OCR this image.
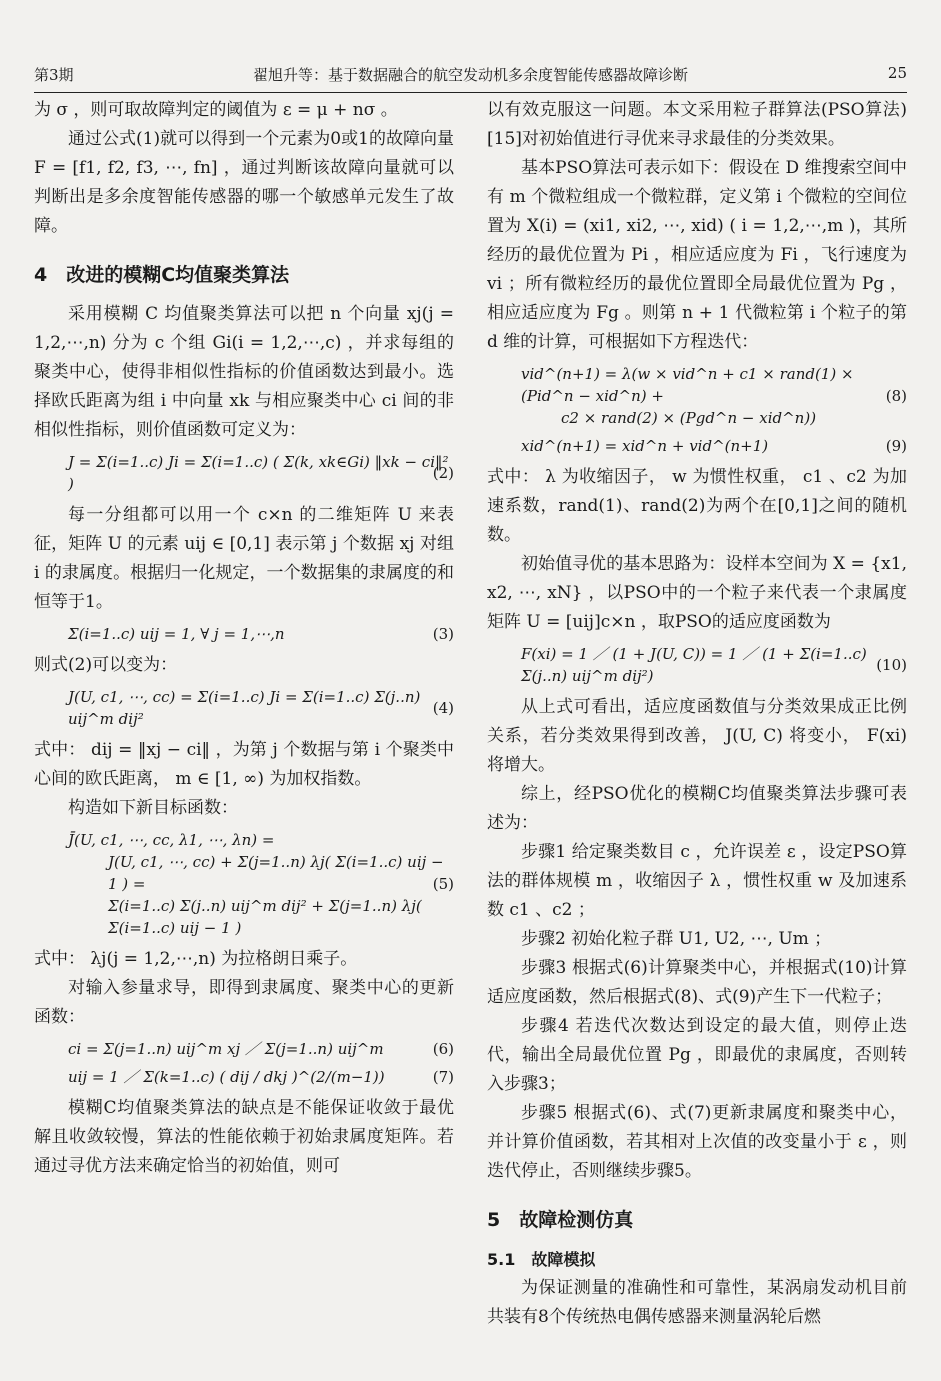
第3期	翟旭升等：基于数据融合的航空发动机多余度智能传感器故障诊断	25

为 σ ，则可取故障判定的阈值为 ε = μ + nσ 。

通过公式(1)就可以得到一个元素为0或1的故障向量 F = [f1, f2, f3, ⋯, fn] ，通过判断该故障向量就可以判断出是多余度智能传感器的哪一个敏感单元发生了故障。

4　改进的模糊C均值聚类算法

采用模糊 C 均值聚类算法可以把 n 个向量 xj(j = 1,2,⋯,n) 分为 c 个组 Gi(i = 1,2,⋯,c) ，并求每组的聚类中心，使得非相似性指标的价值函数达到最小。选择欧氏距离为组 i 中向量 xk 与相应聚类中心 ci 间的非相似性指标，则价值函数可定义为：

J = Σ(i=1..c) Ji = Σ(i=1..c) ( Σ(k, xk∈Gi) ‖xk − ci‖² )
(2)

每一分组都可以用一个 c×n 的二维矩阵 U 来表征，矩阵 U 的元素 uij ∈ [0,1] 表示第 j 个数据 xj 对组 i 的隶属度。根据归一化规定，一个数据集的隶属度的和恒等于1。

Σ(i=1..c) uij = 1, ∀ j = 1,⋯,n	(3)

则式(2)可以变为：

J(U, c1, ⋯, cc) = Σ(i=1..c) Ji = Σ(i=1..c) Σ(j..n) uij^m dij²
(4)

式中： dij = ‖xj − ci‖ ，为第 j 个数据与第 i 个聚类中心间的欧氏距离， m ∈ [1, ∞) 为加权指数。

构造如下新目标函数：

J̄(U, c1, ⋯, cc, λ1, ⋯, λn) =
J(U, c1, ⋯, cc) + Σ(j=1..n) λj( Σ(i=1..c) uij − 1 ) =
Σ(i=1..c) Σ(j..n) uij^m dij² + Σ(j=1..n) λj( Σ(i=1..c) uij − 1 )
(5)

式中： λj(j = 1,2,⋯,n) 为拉格朗日乘子。

对输入参量求导，即得到隶属度、聚类中心的更新函数：

ci = Σ(j=1..n) uij^m xj ／ Σ(j=1..n) uij^m	(6)
uij = 1 ／ Σ(k=1..c) ( dij / dkj )^(2/(m−1))	(7)

模糊C均值聚类算法的缺点是不能保证收敛于最优解且收敛较慢，算法的性能依赖于初始隶属度矩阵。若通过寻优方法来确定恰当的初始值，则可

以有效克服这一问题。本文采用粒子群算法(PSO算法)[15]对初始值进行寻优来寻求最佳的分类效果。

基本PSO算法可表示如下：假设在 D 维搜索空间中有 m 个微粒组成一个微粒群，定义第 i 个微粒的空间位置为 X(i) = (xi1, xi2, ⋯, xid) ( i = 1,2,⋯,m )，其所经历的最优位置为 Pi ，相应适应度为 Fi ，飞行速度为 vi ；所有微粒经历的最优位置即全局最优位置为 Pg ，相应适应度为 Fg 。则第 n + 1 代微粒第 i 个粒子的第 d 维的计算，可根据如下方程迭代：

vid^(n+1) = λ(w × vid^n + c1 × rand(1) × (Pid^n − xid^n) +
c2 × rand(2) × (Pgd^n − xid^n))
(8)
xid^(n+1) = xid^n + vid^(n+1)	(9)

式中： λ 为收缩因子， w 为惯性权重， c1 、c2 为加速系数，rand(1)、rand(2)为两个在[0,1]之间的随机数。

初始值寻优的基本思路为：设样本空间为 X = {x1, x2, ⋯, xN} ，以PSO中的一个粒子来代表一个隶属度矩阵 U = [uij]c×n ，取PSO的适应度函数为

F(xi) = 1 ／ (1 + J(U, C)) = 1 ／ (1 + Σ(i=1..c) Σ(j..n) uij^m dij²)
(10)

从上式可看出，适应度函数值与分类效果成正比例关系，若分类效果得到改善， J(U, C) 将变小， F(xi) 将增大。

综上，经PSO优化的模糊C均值聚类算法步骤可表述为：

步骤1 给定聚类数目 c ，允许误差 ε ，设定PSO算法的群体规模 m ，收缩因子 λ ，惯性权重 w 及加速系数 c1 、c2 ；

步骤2 初始化粒子群 U1, U2, ⋯, Um ；

步骤3 根据式(6)计算聚类中心，并根据式(10)计算适应度函数，然后根据式(8)、式(9)产生下一代粒子；

步骤4 若迭代次数达到设定的最大值，则停止迭代，输出全局最优位置 Pg ，即最优的隶属度，否则转入步骤3；

步骤5 根据式(6)、式(7)更新隶属度和聚类中心，并计算价值函数，若其相对上次值的改变量小于 ε ，则迭代停止，否则继续步骤5。

5　故障检测仿真
5.1　故障模拟

为保证测量的准确性和可靠性，某涡扇发动机目前共装有8个传统热电偶传感器来测量涡轮后燃
